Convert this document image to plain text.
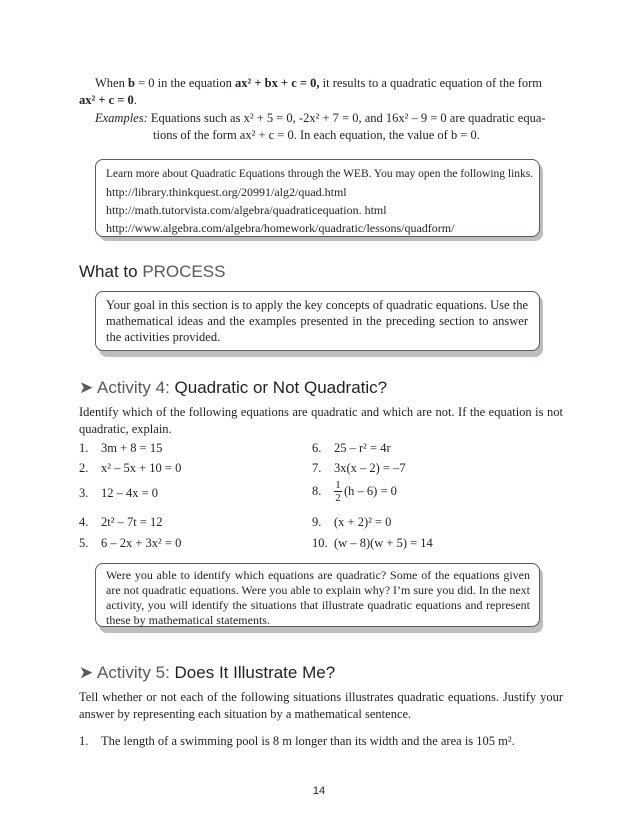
When b = 0 in the equation ax² + bx + c = 0, it results to a quadratic equation of the form
ax² + c = 0.
Examples: Equations such as x² + 5 = 0, -2x² + 7 = 0, and 16x² – 9 = 0 are quadratic equa-
tions of the form ax² + c = 0. In each equation, the value of b = 0.

Learn more about Quadratic Equations through the WEB. You may open the following links.

http://library.thinkquest.org/20991/alg2/quad.html

http://math.tutorvista.com/algebra/quadraticequation. html

http://www.algebra.com/algebra/homework/quadratic/lessons/quadform/

What to PROCESS

Your goal in this section is to apply the key concepts of quadratic equations. Use the mathematical ideas and the examples presented in the preceding section to answer the activities provided.

➤ Activity 4: Quadratic or Not Quadratic?

Identify which of the following equations are quadratic and which are not. If the equation is not quadratic, explain.

1. 3m + 8 = 15
2. x² – 5x + 10 = 0
3. 12 – 4x = 0
4. 2t² – 7t = 12
5. 6 – 2x + 3x² = 0
6. 25 – r² = 4r
7. 3x(x – 2) = –7
8. $\frac{1}{2} (h - 6) = 0$
9. (x + 2)² = 0
10. (w – 8)(w + 5) = 14

Were you able to identify which equations are quadratic? Some of the equations given are not quadratic equations. Were you able to explain why? I’m sure you did. In the next activity, you will identify the situations that illustrate quadratic equations and represent these by mathematical statements.

➤ Activity 5: Does It Illustrate Me?

Tell whether or not each of the following situations illustrates quadratic equations. Justify your answer by representing each situation by a mathematical sentence.

1. The length of a swimming pool is 8 m longer than its width and the area is 105 m².
14
